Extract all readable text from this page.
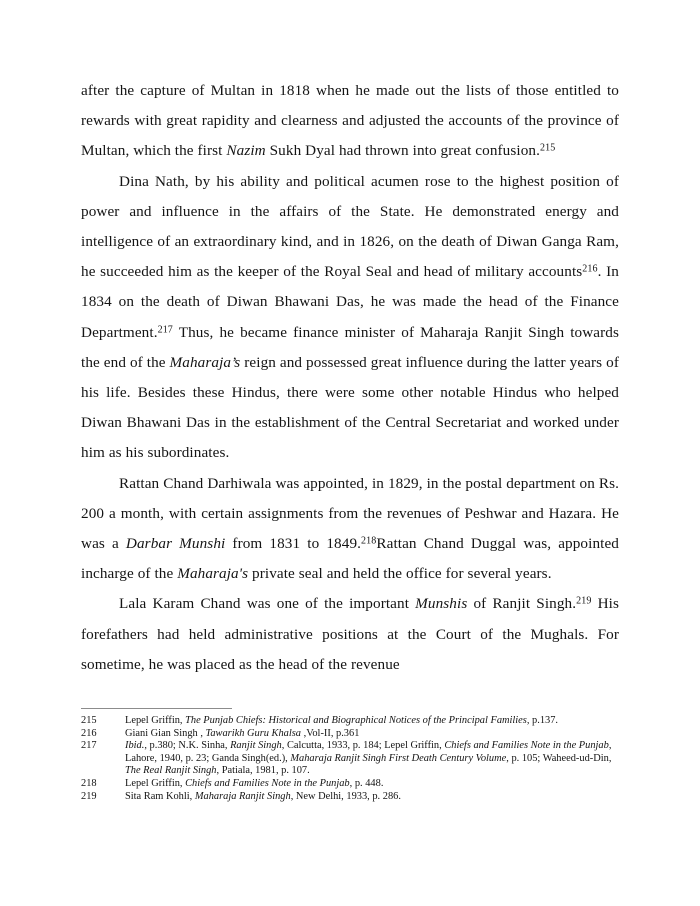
after the capture of Multan in 1818 when he made out the lists of those entitled to rewards with great rapidity and clearness and adjusted the accounts of the province of Multan, which the first Nazim Sukh Dyal had thrown into great confusion.$^{215}$

Dina Nath, by his ability and political acumen rose to the highest position of power and influence in the affairs of the State. He demonstrated energy and intelligence of an extraordinary kind, and in 1826, on the death of Diwan Ganga Ram, he succeeded him as the keeper of the Royal Seal and head of military accounts$^{216}$. In 1834 on the death of Diwan Bhawani Das, he was made the head of the Finance Department.$^{217}$ Thus, he became finance minister of Maharaja Ranjit Singh towards the end of the Maharaja’s reign and possessed great influence during the latter years of his life. Besides these Hindus, there were some other notable Hindus who helped Diwan Bhawani Das in the establishment of the Central Secretariat and worked under him as his subordinates.

Rattan Chand Darhiwala was appointed, in 1829, in the postal department on Rs. 200 a month, with certain assignments from the revenues of Peshwar and Hazara. He was a Darbar Munshi from 1831 to 1849.$^{218}$Rattan Chand Duggal was, appointed incharge of the Maharaja's private seal and held the office for several years.

Lala Karam Chand was one of the important Munshis of Ranjit Singh.$^{219}$ His forefathers had held administrative positions at the Court of the Mughals. For sometime, he was placed as the head of the revenue

215	Lepel Griffin, The Punjab Chiefs: Historical and Biographical Notices of the Principal Families, p.137.
216	Giani Gian Singh , Tawarikh Guru Khalsa ,Vol-II, p.361
217	Ibid., p.380; N.K. Sinha, Ranjit Singh, Calcutta, 1933, p. 184; Lepel Griffin, Chiefs and Families Note in the Punjab, Lahore, 1940, p. 23; Ganda Singh(ed.), Maharaja Ranjit Singh First Death Century Volume, p. 105; Waheed-ud-Din, The Real Ranjit Singh, Patiala, 1981, p. 107.
218	Lepel Griffin, Chiefs and Families Note in the Punjab, p. 448.
219	Sita Ram Kohli, Maharaja Ranjit Singh, New Delhi, 1933, p. 286.
